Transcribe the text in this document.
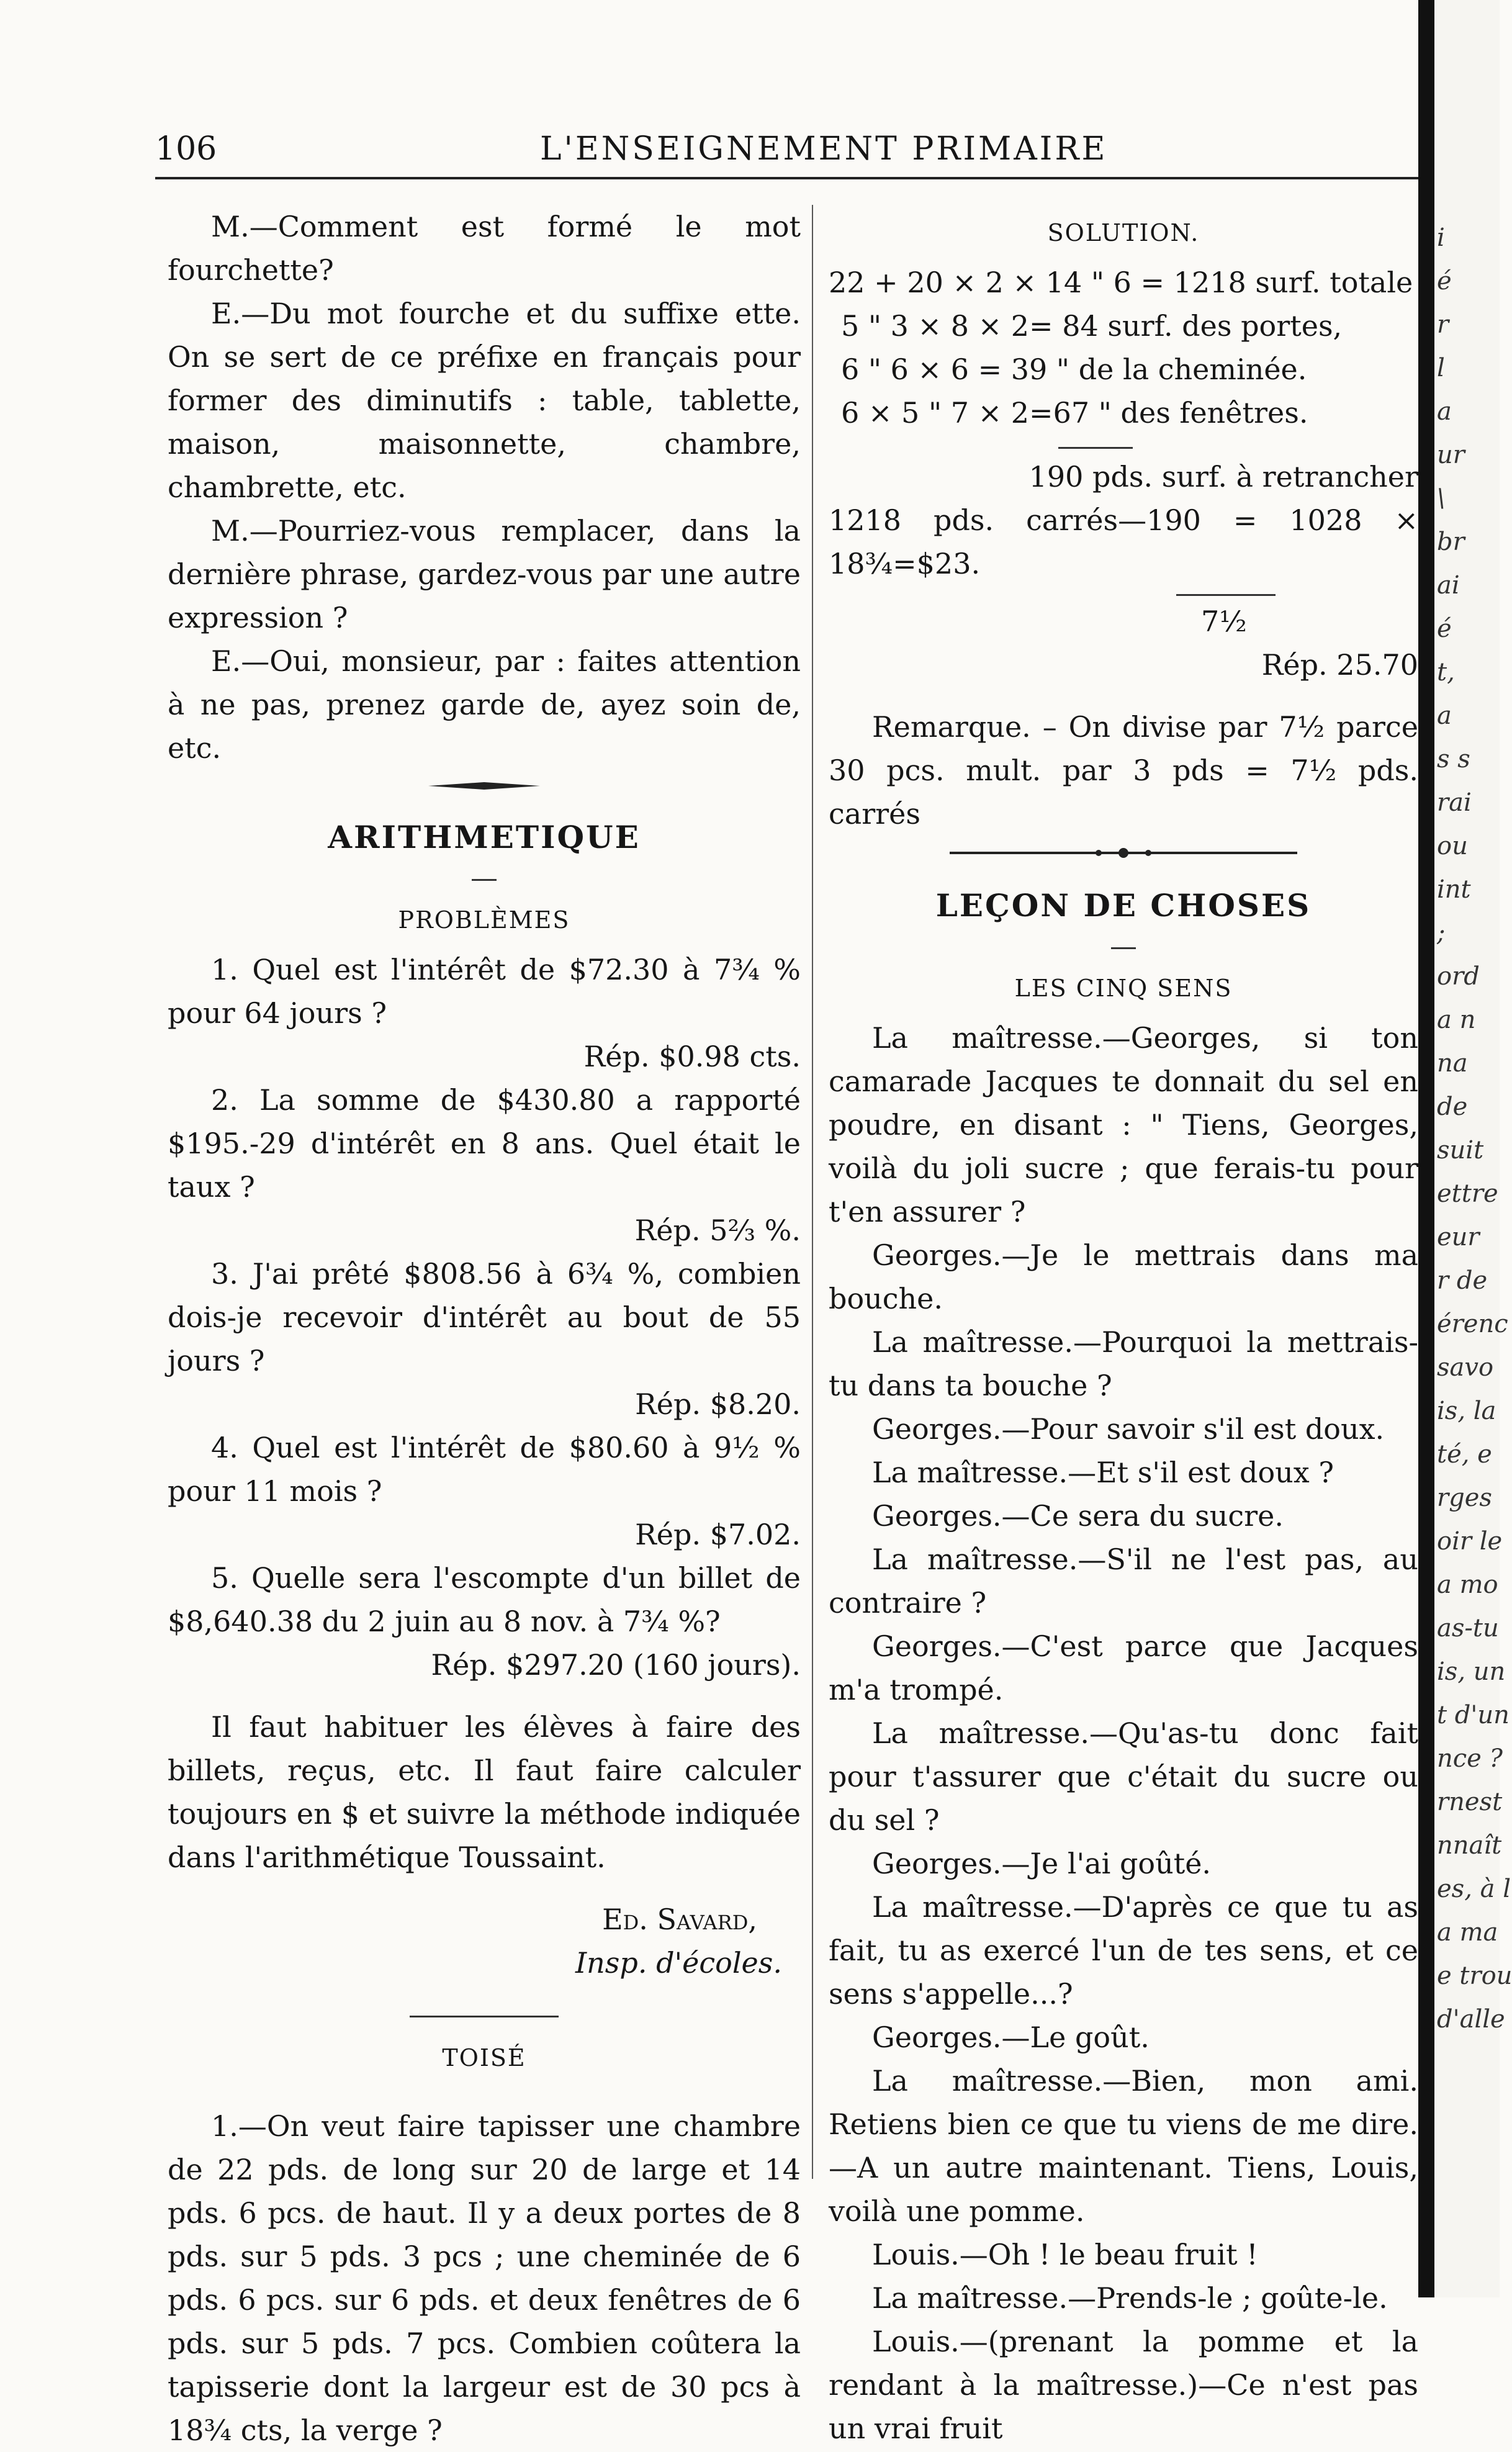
106	L'ENSEIGNEMENT PRIMAIRE

M.—Comment est formé le mot fourchette?

E.—Du mot fourche et du suffixe ette. On se sert de ce préfixe en français pour former des diminutifs : table, tablette, maison, maisonnette, chambre, chambrette, etc.

M.—Pourriez-vous remplacer, dans la dernière phrase, gardez-vous par une autre expression ?

E.—Oui, monsieur, par : faites attention à ne pas, prenez garde de, ayez soin de, etc.

ARITHMETIQUE
PROBLÈMES

1. Quel est l'intérêt de $72.30 à 7¾ % pour 64 jours ?

Rép. $0.98 cts.

2. La somme de $430.80 a rapporté $195.-29 d'intérêt en 8 ans. Quel était le taux ?

Rép. 5⅔ %.

3. J'ai prêté $808.56 à 6¾ %, combien dois-je recevoir d'intérêt au bout de 55 jours ?

Rép. $8.20.

4. Quel est l'intérêt de $80.60 à 9½ % pour 11 mois ?

Rép. $7.02.

5. Quelle sera l'escompte d'un billet de $8,640.38 du 2 juin au 8 nov. à 7¾ %?

Rép. $297.20 (160 jours).

Il faut habituer les élèves à faire des billets, reçus, etc. Il faut faire calculer toujours en $ et suivre la méthode indiquée dans l'arithmétique Toussaint.

Ed. Savard,

Insp. d'écoles.

TOISÉ

1.—On veut faire tapisser une chambre de 22 pds. de long sur 20 de large et 14 pds. 6 pcs. de haut. Il y a deux portes de 8 pds. sur 5 pds. 3 pcs ; une cheminée de 6 pds. 6 pcs. sur 6 pds. et deux fenêtres de 6 pds. sur 5 pds. 7 pcs. Combien coûtera la tapisserie dont la largeur est de 30 pcs à 18¾ cts, la verge ?

SOLUTION.

22 + 20 × 2 × 14 " 6 = 1218 surf. totale

5 " 3 × 8 × 2= 84 surf. des portes,

6 " 6 × 6 = 39 " de la cheminée.

6 × 5 " 7 × 2=67 " des fenêtres.

190 pds. surf. à retrancher

1218 pds. carrés—190 = 1028 × 18¾=$23.

7½

Rép. 25.70

Remarque. – On divise par 7½ parce 30 pcs. mult. par 3 pds = 7½ pds. carrés

LEÇON DE CHOSES
LES CINQ SENS

La maîtresse.—Georges, si ton camarade Jacques te donnait du sel en poudre, en disant : " Tiens, Georges, voilà du joli sucre ; que ferais-tu pour t'en assurer ?

Georges.—Je le mettrais dans ma bouche.

La maîtresse.—Pourquoi la mettrais-tu dans ta bouche ?

Georges.—Pour savoir s'il est doux.

La maîtresse.—Et s'il est doux ?

Georges.—Ce sera du sucre.

La maîtresse.—S'il ne l'est pas, au contraire ?

Georges.—C'est parce que Jacques m'a trompé.

La maîtresse.—Qu'as-tu donc fait pour t'assurer que c'était du sucre ou du sel ?

Georges.—Je l'ai goûté.

La maîtresse.—D'après ce que tu as fait, tu as exercé l'un de tes sens, et ce sens s'appelle...?

Georges.—Le goût.

La maîtresse.—Bien, mon ami. Retiens bien ce que tu viens de me dire.—A un autre maintenant. Tiens, Louis, voilà une pomme.

Louis.—Oh ! le beau fruit !

La maîtresse.—Prends-le ; goûte-le.

Louis.—(prenant la pomme et la rendant à la maîtresse.)—Ce n'est pas un vrai fruit

i
é
r
l
a
ur
\
br
ai
é
t,
a
s s
rai
ou
int
;
ord
a n
na
de
suit
ettre
eur
r de
érenc
savo
is, la
té, e
rges
oir le
a mo
as-tu
is, un
t d'un
nce ?
rnest
nnaît
es, à l
a ma
e trou
d'alle
